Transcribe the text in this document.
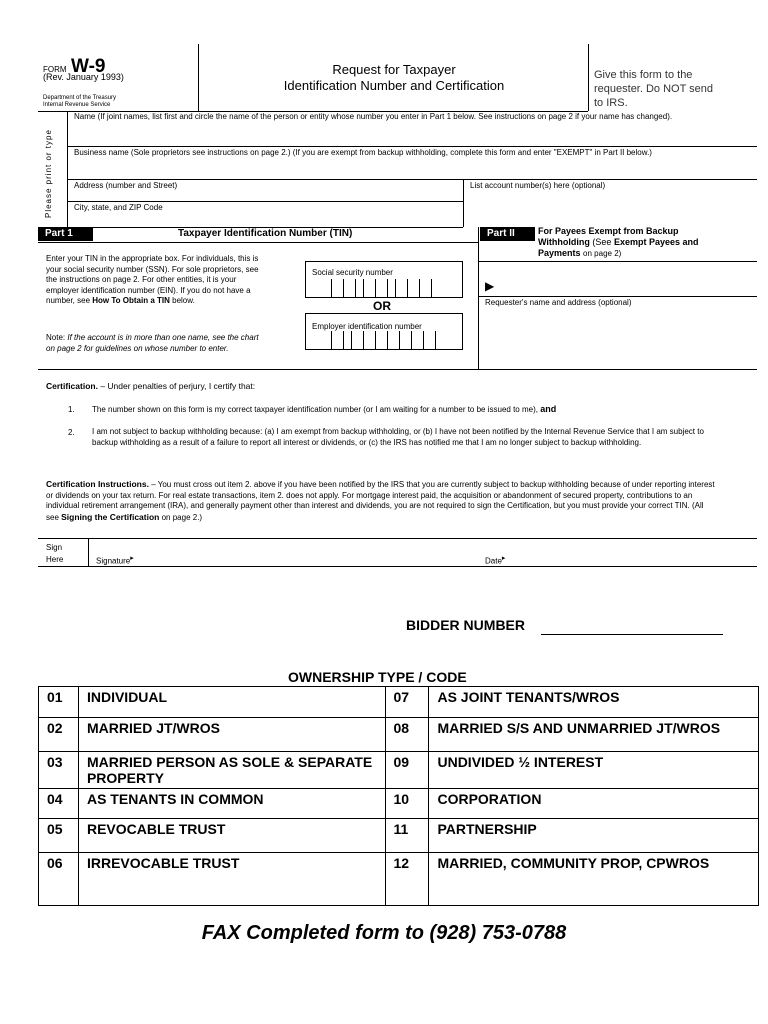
FORM W-9
(Rev. January 1993)
Department of the Treasury
Internal Revenue Service
Request for Taxpayer
Identification Number and Certification
Give this form to the requester. Do NOT send to IRS.
Please print or type
Name (If joint names, list first and circle the name of the person or entity whose number you enter in Part 1 below. See instructions on page 2 if your name has changed).
Business name (Sole proprietors see instructions on page 2.) (If you are exempt from backup withholding, complete this form and enter "EXEMPT" in Part II below.)
Address (number and Street)	List account number(s) here (optional)
City, state, and ZIP Code
Part 1	Taxpayer Identification Number (TIN)
Enter your TIN in the appropriate box. For individuals, this is your social security number (SSN). For sole proprietors, see the instructions on page 2. For other entities, it is your employer identification number (EIN). If you do not have a number, see How To Obtain a TIN below.
Note: If the account is in more than one name, see the chart on page 2 for guidelines on whose number to enter.
Social security number
OR
Employer identification number
Part II	For Payees Exempt from Backup Withholding (See Exempt Payees and Payments on page 2)
▶
Requester's name and address (optional)
Certification. – Under penalties of perjury, I certify that:
1. The number shown on this form is my correct taxpayer identification number (or I am waiting for a number to be issued to me), and
2. I am not subject to backup withholding because: (a) I am exempt from backup withholding, or (b) I have not been notified by the Internal Revenue Service that I am subject to backup withholding as a result of a failure to report all interest or dividends, or (c) the IRS has notified me that I am no longer subject to backup withholding.
Certification Instructions. – You must cross out item 2. above if you have been notified by the IRS that you are currently subject to backup withholding because of under reporting interest or dividends on your tax return. For real estate transactions, item 2. does not apply. For mortgage interest paid, the acquisition or abandonment of secured property, contributions to an individual retirement arrangement (IRA), and generally payment other than interest and dividends, you are not required to sign the Certification, but you must provide your correct TIN. (All see Signing the Certification on page 2.)
Sign Here	Signature▸	Date▸
BIDDER NUMBER
OWNERSHIP TYPE / CODE
01	INDIVIDUAL	07	AS JOINT TENANTS/WROS
02	MARRIED JT/WROS	08	MARRIED S/S AND UNMARRIED JT/WROS
03	MARRIED PERSON AS SOLE & SEPARATE PROPERTY	09	UNDIVIDED ½ INTEREST
04	AS TENANTS IN COMMON	10	CORPORATION
05	REVOCABLE TRUST	11	PARTNERSHIP
06	IRREVOCABLE TRUST	12	MARRIED, COMMUNITY PROP, CPWROS
FAX Completed form to (928) 753-0788
